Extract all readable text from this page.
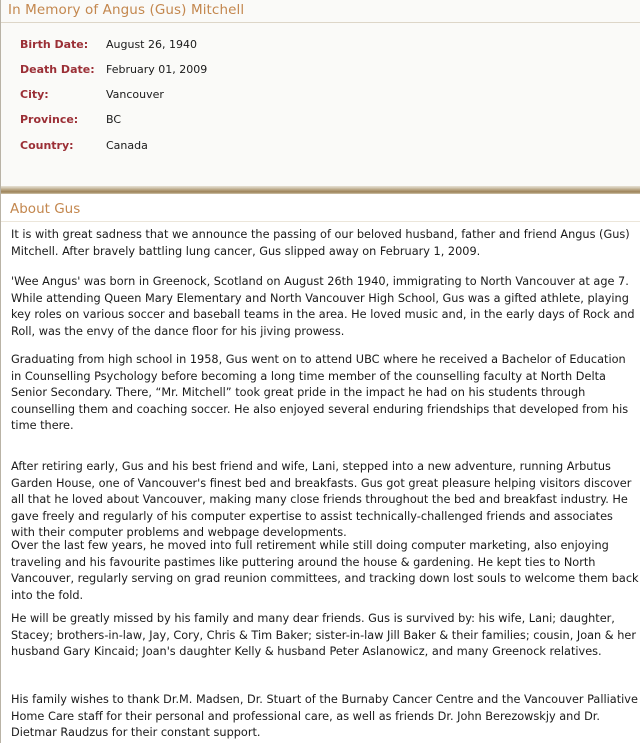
In Memory of Angus (Gus) Mitchell
Birth Date: August 26, 1940
Death Date: February 01, 2009
City:	Vancouver
Province:	BC
Country:	Canada
About Gus

It is with great sadness that we announce the passing of our beloved husband, father and friend Angus (Gus) Mitchell. After bravely battling lung cancer, Gus slipped away on February 1, 2009.

'Wee Angus' was born in Greenock, Scotland on August 26th 1940, immigrating to North Vancouver at age 7. While attending Queen Mary Elementary and North Vancouver High School, Gus was a gifted athlete, playing key roles on various soccer and baseball teams in the area. He loved music and, in the early days of Rock and Roll, was the envy of the dance floor for his jiving prowess.

Graduating from high school in 1958, Gus went on to attend UBC where he received a Bachelor of Education in Counselling Psychology before becoming a long time member of the counselling faculty at North Delta Senior Secondary. There, “Mr. Mitchell” took great pride in the impact he had on his students through counselling them and coaching soccer. He also enjoyed several enduring friendships that developed from his time there.

After retiring early, Gus and his best friend and wife, Lani, stepped into a new adventure, running Arbutus Garden House, one of Vancouver's finest bed and breakfasts. Gus got great pleasure helping visitors discover all that he loved about Vancouver, making many close friends throughout the bed and breakfast industry. He gave freely and regularly of his computer expertise to assist technically-challenged friends and associates with their computer problems and webpage developments.

Over the last few years, he moved into full retirement while still doing computer marketing, also enjoying traveling and his favourite pastimes like puttering around the house & gardening. He kept ties to North Vancouver, regularly serving on grad reunion committees, and tracking down lost souls to welcome them back into the fold.

He will be greatly missed by his family and many dear friends. Gus is survived by: his wife, Lani; daughter, Stacey; brothers-in-law, Jay, Cory, Chris & Tim Baker; sister-in-law Jill Baker & their families; cousin, Joan & her husband Gary Kincaid; Joan's daughter Kelly & husband Peter Aslanowicz, and many Greenock relatives.

His family wishes to thank Dr.M. Madsen, Dr. Stuart of the Burnaby Cancer Centre and the Vancouver Palliative Home Care staff for their personal and professional care, as well as friends Dr. John Berezowskjy and Dr. Dietmar Raudzus for their constant support.
